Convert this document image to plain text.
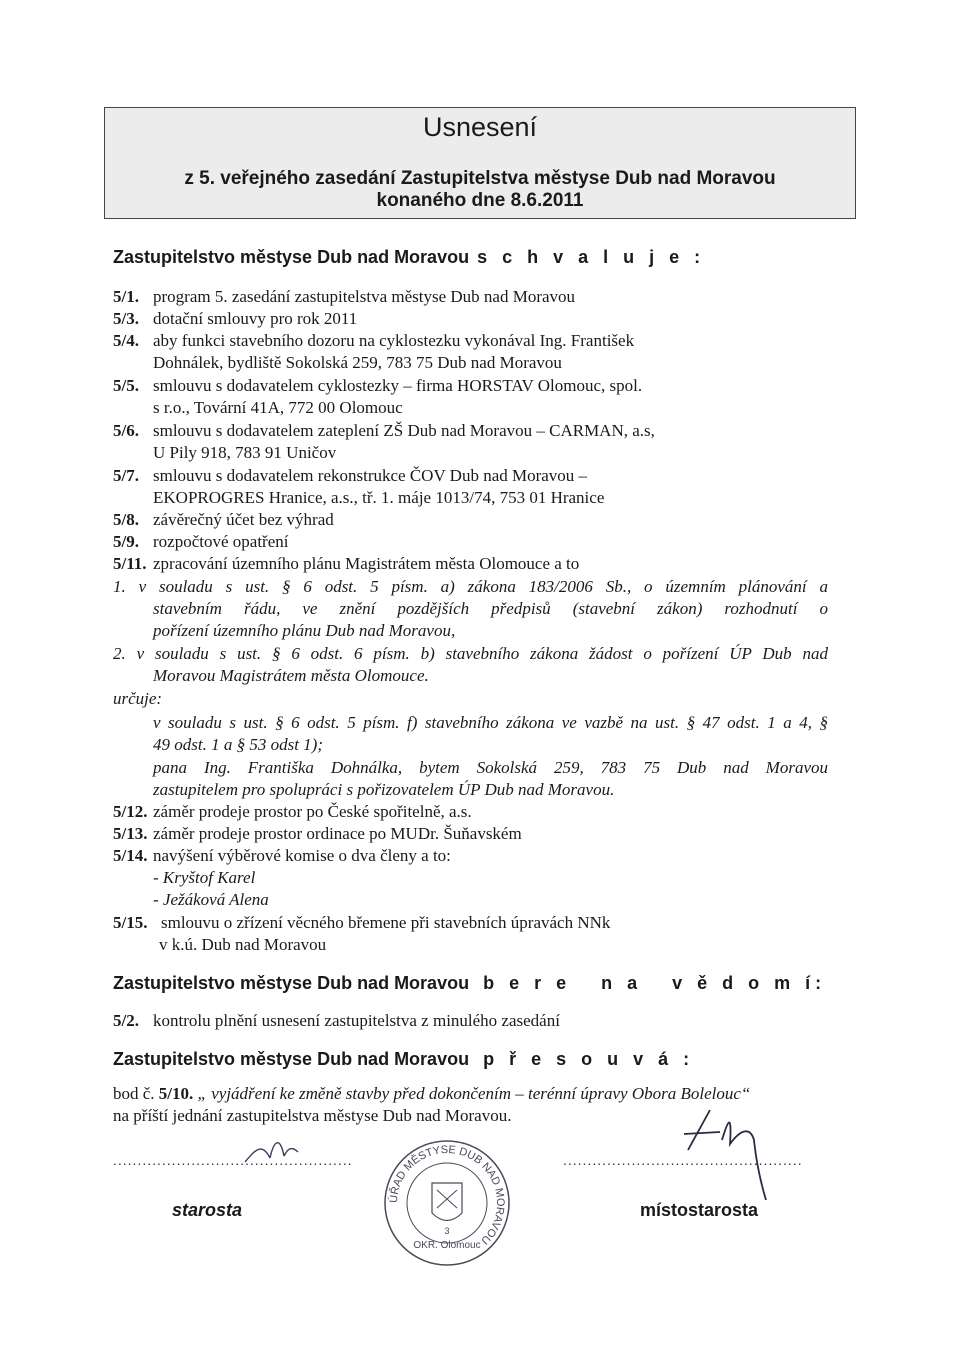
Usnesení
z 5. veřejného zasedání Zastupitelstva městyse Dub nad Moravou
konaného dne 8.6.2011
Zastupitelstvo městyse Dub nad Moravou s c h v a l u j e :
5/1. program 5. zasedání zastupitelstva městyse Dub nad Moravou
5/3. dotační smlouvy pro rok 2011
5/4. aby funkci stavebního dozoru na cyklostezku vykonával Ing. František
Dohnálek, bydliště Sokolská 259, 783 75 Dub nad Moravou
5/5. smlouvu s dodavatelem cyklostezky – firma HORSTAV Olomouc, spol.
s r.o., Tovární 41A, 772 00 Olomouc
5/6. smlouvu s dodavatelem zateplení ZŠ Dub nad Moravou – CARMAN, a.s,
U Pily 918, 783 91 Uničov
5/7. smlouvu s dodavatelem rekonstrukce ČOV Dub nad Moravou –
EKOPROGRES Hranice, a.s., tř. 1. máje 1013/74, 753 01 Hranice
5/8. závěrečný účet bez výhrad
5/9. rozpočtové opatření
5/11. zpracování územního plánu Magistrátem města Olomouce a to
1. v souladu s ust. § 6 odst. 5 písm. a) zákona 183/2006 Sb., o územním plánování a
stavebním řádu, ve znění pozdějších předpisů (stavební zákon) rozhodnutí o
pořízení územního plánu Dub nad Moravou,
2. v souladu s ust. § 6 odst. 6 písm. b) stavebního zákona žádost o pořízení ÚP Dub nad
Moravou Magistrátem města Olomouce.
určuje:
v souladu s ust. § 6 odst. 5 písm. f) stavebního zákona ve vazbě na ust. § 47 odst. 1 a 4, §
49 odst. 1 a § 53 odst 1);
pana Ing. Františka Dohnálka, bytem Sokolská 259, 783 75 Dub nad Moravou
zastupitelem pro spolupráci s pořizovatelem ÚP Dub nad Moravou.
5/12. záměr prodeje prostor po České spořitelně, a.s.
5/13. záměr prodeje prostor ordinace po MUDr. Šuňavském
5/14. navýšení výběrové komise o dva členy a to:
- Kryštof Karel
- Ježáková Alena
5/15. smlouvu o zřízení věcného břemene při stavebních úpravách NNk
v k.ú. Dub nad Moravou
Zastupitelstvo městyse Dub nad Moravou b e r e   n a   v ě d o m í:
5/2. kontrolu plnění usnesení zastupitelstva z minulého zasedání
Zastupitelstvo městyse Dub nad Moravou p ř e s o u v á :
bod č. 5/10. „ vyjádření ke změně stavby před dokončením – terénní úpravy Obora Bolelouc“
na příští jednání zastupitelstva městyse Dub nad Moravou.
.................................................	.................................................
ÚŘAD MĚSTYSE DUB NAD MORAVOU
3
OKR. Olomouc
starosta	místostarosta
